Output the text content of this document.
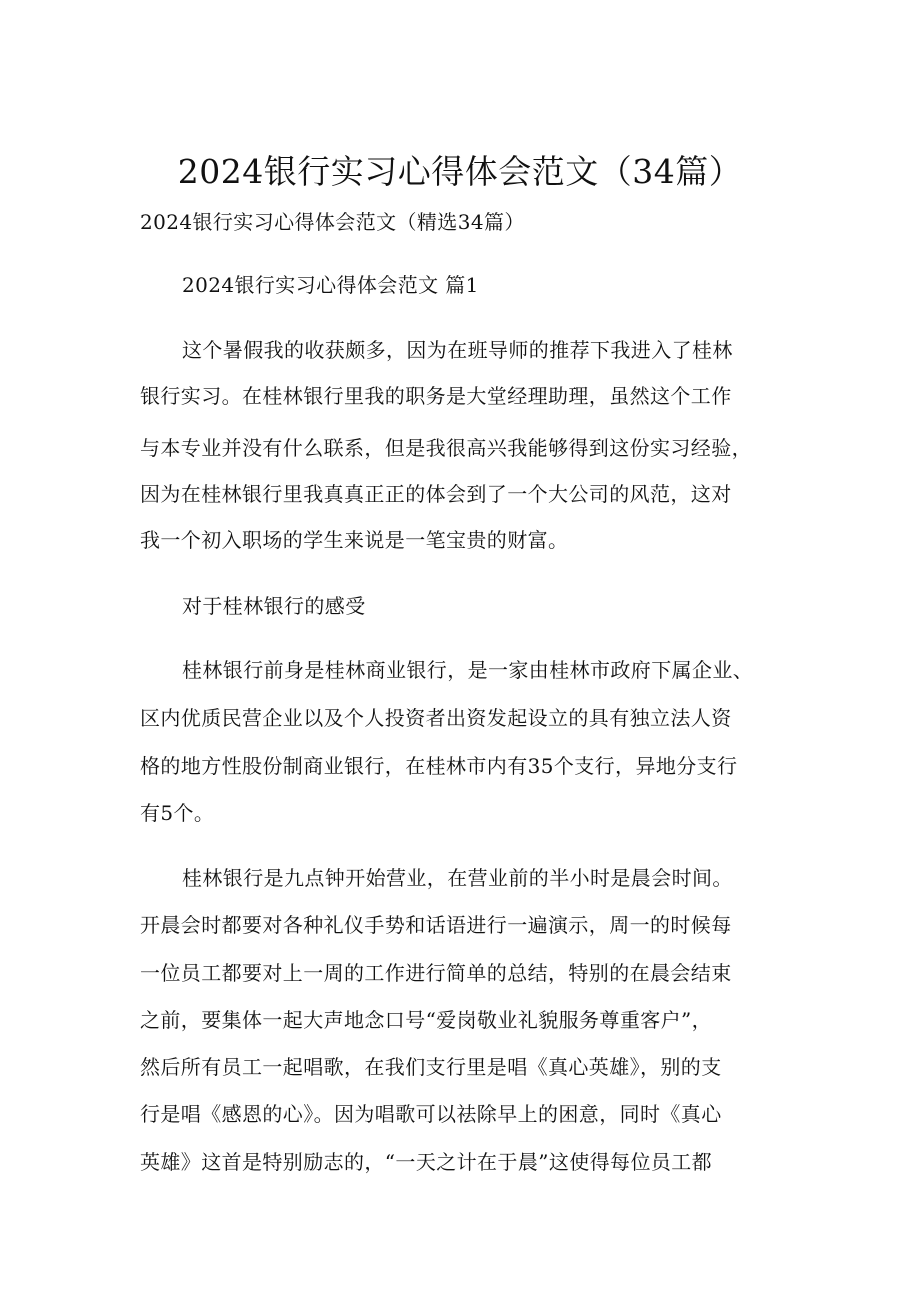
2024银行实习心得体会范文（34篇）
2024银行实习心得体会范文（精选34篇）
2024银行实习心得体会范文 篇1
这个暑假我的收获颇多，因为在班导师的推荐下我进入了桂林
银行实习。在桂林银行里我的职务是大堂经理助理，虽然这个工作
与本专业并没有什么联系，但是我很高兴我能够得到这份实习经验，
因为在桂林银行里我真真正正的体会到了一个大公司的风范，这对
我一个初入职场的学生来说是一笔宝贵的财富。
对于桂林银行的感受
桂林银行前身是桂林商业银行，是一家由桂林市政府下属企业、
区内优质民营企业以及个人投资者出资发起设立的具有独立法人资
格的地方性股份制商业银行，在桂林市内有35个支行，异地分支行
有5个。
桂林银行是九点钟开始营业，在营业前的半小时是晨会时间。
开晨会时都要对各种礼仪手势和话语进行一遍演示，周一的时候每
一位员工都要对上一周的工作进行简单的总结，特别的在晨会结束
之前，要集体一起大声地念口号“爱岗敬业礼貌服务尊重客户”，
然后所有员工一起唱歌，在我们支行里是唱《真心英雄》，别的支
行是唱《感恩的心》。因为唱歌可以祛除早上的困意，同时《真心
英雄》这首是特别励志的，“一天之计在于晨”这使得每位员工都
